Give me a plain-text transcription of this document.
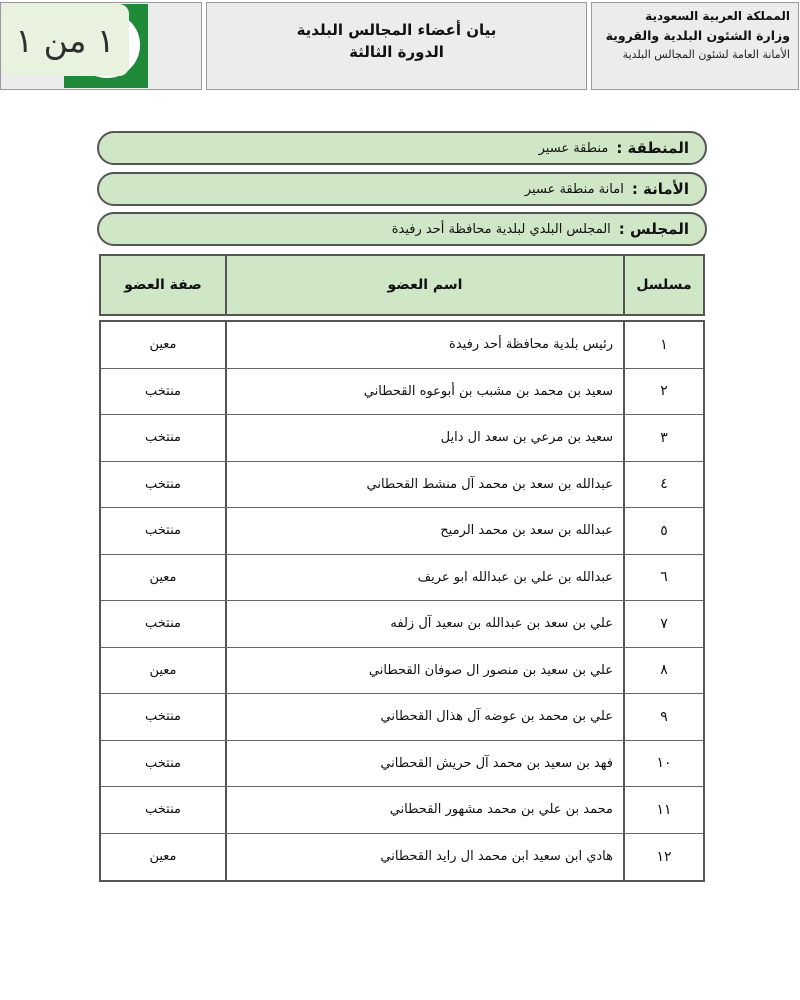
المملكة العربية السعودية
وزارة الشئون البلدية والقروية
الأمانة العامة لشئون المجالس البلدية
بيان أعضاء المجالس البلدية
الدورة الثالثة
١ من ١
المنطقة :
منطقة عسير
الأمانة :
امانة منطقة عسير
المجلس :
المجلس البلدي لبلدية محافظة أحد رفيدة
مسلسل
اسم العضو
صفة العضو
١
رئيس بلدية محافظة أحد رفيدة
معين
٢
سعيد بن محمد بن مشبب بن أبوعوه القحطاني
منتخب
٣
سعيد بن مرعي بن سعد ال دايل
منتخب
٤
عبدالله بن سعد بن محمد آل منشط القحطاني
منتخب
٥
عبدالله بن سعد بن محمد الرميح
منتخب
٦
عبدالله بن علي بن عبدالله ابو عريف
معين
٧
علي بن سعد بن عبدالله بن سعيد آل زلفه
منتخب
٨
علي بن سعيد بن منصور ال صوفان القحطاني
معين
٩
علي بن محمد بن عوضه آل هذال القحطاني
منتخب
١٠
فهد بن سعيد بن محمد آل حريش القحطاني
منتخب
١١
محمد بن علي بن محمد مشهور القحطاني
منتخب
١٢
هادي ابن سعيد ابن محمد ال رايد القحطاني
معين
